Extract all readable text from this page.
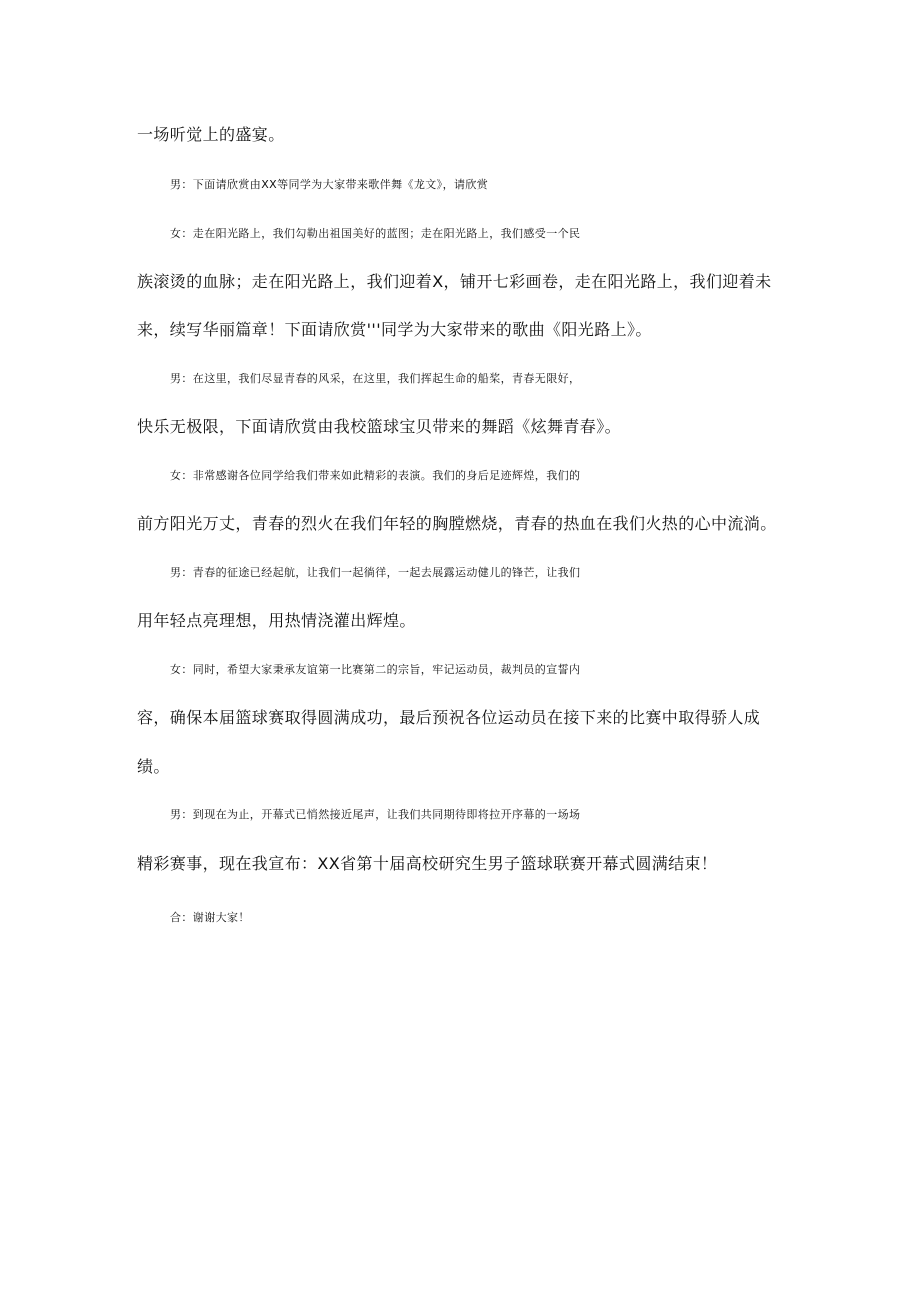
一场听觉上的盛宴。
男：下面请欣赏由XX等同学为大家带来歌伴舞《龙文》，请欣赏
女：走在阳光路上，我们勾勒出祖国美好的蓝图；走在阳光路上，我们感受一个民
族滚烫的血脉；走在阳光路上，我们迎着X，铺开七彩画卷，走在阳光路上，我们迎着未
来，续写华丽篇章！下面请欣赏'''同学为大家带来的歌曲《阳光路上》。
男：在这里，我们尽显青春的风采，在这里，我们挥起生命的船桨，青春无限好，
快乐无极限，下面请欣赏由我校篮球宝贝带来的舞蹈《炫舞青春》。
女：非常感谢各位同学给我们带来如此精彩的表演。我们的身后足迹辉煌，我们的
前方阳光万丈，青春的烈火在我们年轻的胸膛燃烧，青春的热血在我们火热的心中流淌。
男：青春的征途已经起航，让我们一起徜徉，一起去展露运动健儿的锋芒，让我们
用年轻点亮理想，用热情浇灌出辉煌。
女：同时，希望大家秉承友谊第一比赛第二的宗旨，牢记运动员，裁判员的宣誓内
容，确保本届篮球赛取得圆满成功，最后预祝各位运动员在接下来的比赛中取得骄人成
绩。
男：到现在为止，开幕式已悄然接近尾声，让我们共同期待即将拉开序幕的一场场
精彩赛事，现在我宣布：XX省第十届高校研究生男子篮球联赛开幕式圆满结束！
合：谢谢大家！
